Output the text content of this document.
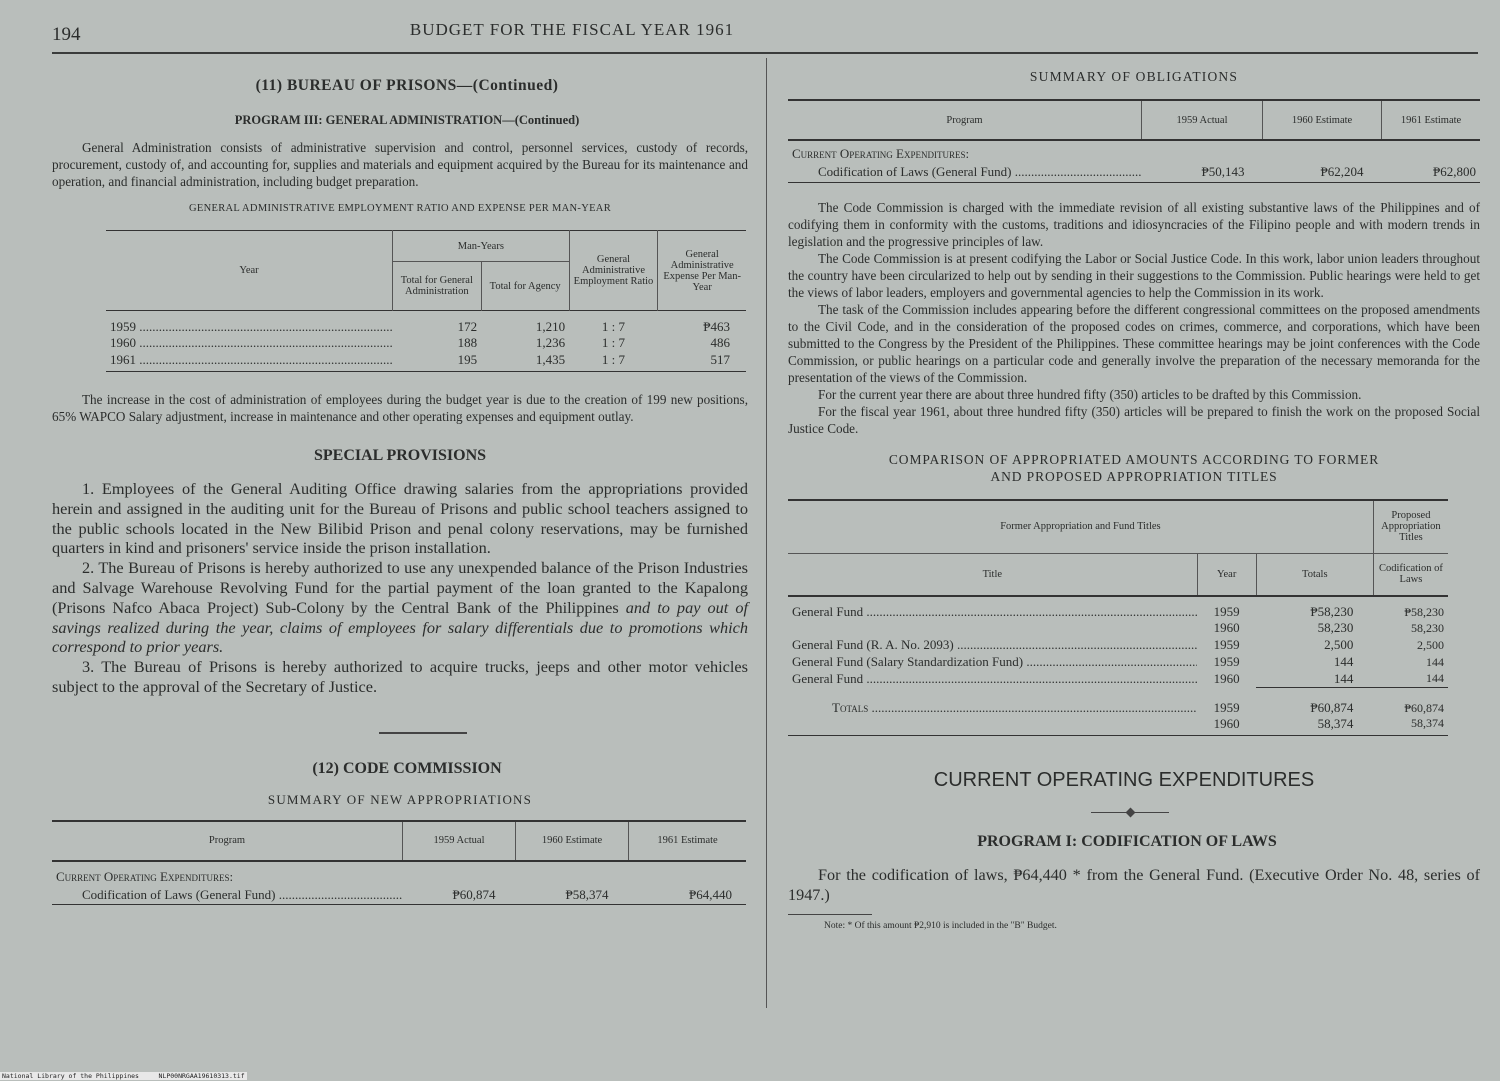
194	BUDGET FOR THE FISCAL YEAR 1961
(11) BUREAU OF PRISONS—(Continued)
PROGRAM III: GENERAL ADMINISTRATION—(Continued)

General Administration consists of administrative supervision and control, personnel services, custody of records, procurement, custody of, and accounting for, supplies and materials and equipment acquired by the Bureau for its maintenance and operation, and financial administration, including budget preparation.

GENERAL ADMINISTRATIVE EMPLOYMENT RATIO AND EXPENSE PER MAN-YEAR
Year	Man-Years		General Administrative Employment Ratio	General Administrative Expense Per Man-Year
	Total for General Administration	Total for Agency		
1959 .....	172	1,210	1 : 7	₱463
1960 .....	188	1,236	1 : 7	486
1961 .....	195	1,435	1 : 7	517

The increase in the cost of administration of employees during the budget year is due to the creation of 199 new positions, 65% WAPCO Salary adjustment, increase in maintenance and other operating expenses and equipment outlay.

SPECIAL PROVISIONS

1. Employees of the General Auditing Office drawing salaries from the appropriations provided herein and assigned in the auditing unit for the Bureau of Prisons and public school teachers assigned to the public schools located in the New Bilibid Prison and penal colony reservations, may be furnished quarters in kind and prisoners' service inside the prison installation.

2. The Bureau of Prisons is hereby authorized to use any unexpended balance of the Prison Industries and Salvage Warehouse Revolving Fund for the partial payment of the loan granted to the Kapalong (Prisons Nafco Abaca Project) Sub-Colony by the Central Bank of the Philippines and to pay out of savings realized during the year, claims of employees for salary differentials due to promotions which correspond to prior years.

3. The Bureau of Prisons is hereby authorized to acquire trucks, jeeps and other motor vehicles subject to the approval of the Secretary of Justice.

(12) CODE COMMISSION
SUMMARY OF NEW APPROPRIATIONS
Program	1959 Actual	1960 Estimate	1961 Estimate
Current Operating Expenditures:			
Codification of Laws (General Fund) .....	₱60,874	₱58,374	₱64,440
SUMMARY OF OBLIGATIONS
Program	1959 Actual	1960 Estimate	1961 Estimate
Current Operating Expenditures:			
Codification of Laws (General Fund) .....	₱50,143	₱62,204	₱62,800

The Code Commission is charged with the immediate revision of all existing substantive laws of the Philippines and of codifying them in conformity with the customs, traditions and idiosyncracies of the Filipino people and with modern trends in legislation and the progressive principles of law.

The Code Commission is at present codifying the Labor or Social Justice Code. In this work, labor union leaders throughout the country have been circularized to help out by sending in their suggestions to the Commission. Public hearings were held to get the views of labor leaders, employers and governmental agencies to help the Commission in its work.

The task of the Commission includes appearing before the different congressional committees on the proposed amendments to the Civil Code, and in the consideration of the proposed codes on crimes, commerce, and corporations, which have been submitted to the Congress by the President of the Philippines. These committee hearings may be joint conferences with the Code Commission, or public hearings on a particular code and generally involve the preparation of the necessary memoranda for the presentation of the views of the Commission.

For the current year there are about three hundred fifty (350) articles to be drafted by this Commission.

For the fiscal year 1961, about three hundred fifty (350) articles will be prepared to finish the work on the proposed Social Justice Code.

COMPARISON OF APPROPRIATED AMOUNTS ACCORDING TO FORMER
AND PROPOSED APPROPRIATION TITLES
Former Appropriation and Fund Titles			Proposed Appropriation Titles
Title	Year	Totals	Codification of Laws
General Fund .....	1959	₱58,230	₱58,230
	1960	58,230	58,230
General Fund (R. A. No. 2093) .....	1959	2,500	2,500
General Fund (Salary Standardization Fund) .....	1959	144	144
General Fund .....	1960	144	144
Totals .....	1959	₱60,874	₱60,874
	1960	58,374	58,374
CURRENT OPERATING EXPENDITURES
PROGRAM I: CODIFICATION OF LAWS

For the codification of laws, ₱64,440 * from the General Fund. (Executive Order No. 48, series of 1947.)

Note: * Of this amount ₱2,910 is included in the "B" Budget.
National Library of the Philippines     NLP00NRGAA19610313.tif
